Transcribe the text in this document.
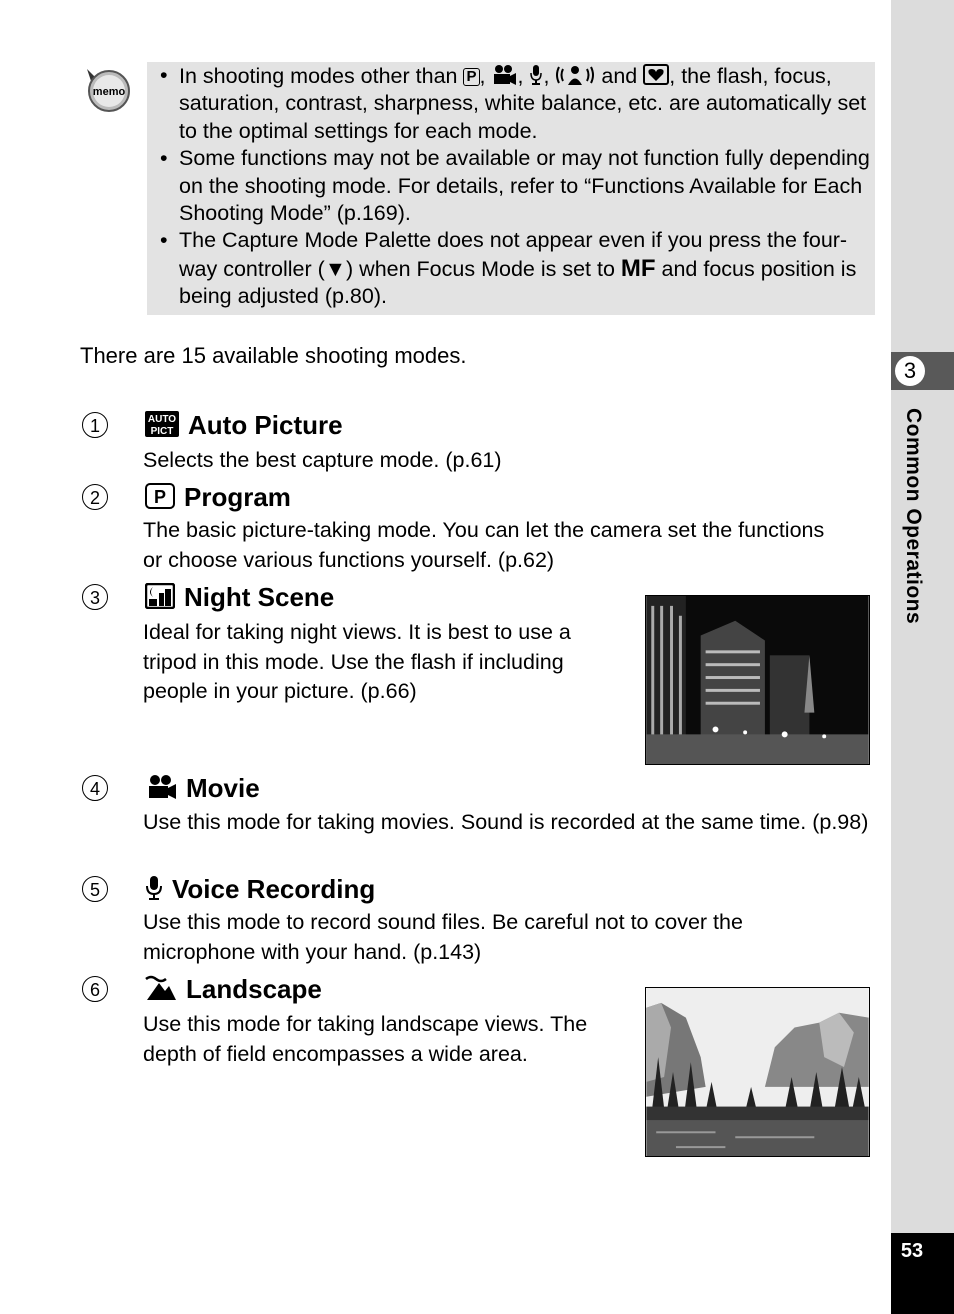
3
Common Operations
53
memo
• In shooting modes other than P , , , and , the flash, focus, saturation, contrast, sharpness, white balance, etc. are automatically set to the optimal settings for each mode.
• Some functions may not be available or may not function fully depending on the shooting mode. For details, refer to “Functions Available for Each Shooting Mode” (p.169).
• The Capture Mode Palette does not appear even if you press the four-way controller (▼) when Focus Mode is set to MF and focus position is being adjusted (p.80).
There are 15 available shooting modes.
1	AUTO
PICT Auto Picture
Selects the best capture mode. (p.61)
2	P Program
The basic picture-taking mode. You can let the camera set the functions or choose various functions yourself. (p.62)
3	Night Scene
Ideal for taking night views. It is best to use a tripod in this mode. Use the flash if including people in your picture. (p.66)
4	Movie
Use this mode for taking movies. Sound is recorded at the same time. (p.98)
5	Voice Recording
Use this mode to record sound files. Be careful not to cover the microphone with your hand. (p.143)
6	Landscape
Use this mode for taking landscape views. The depth of field encompasses a wide area.
